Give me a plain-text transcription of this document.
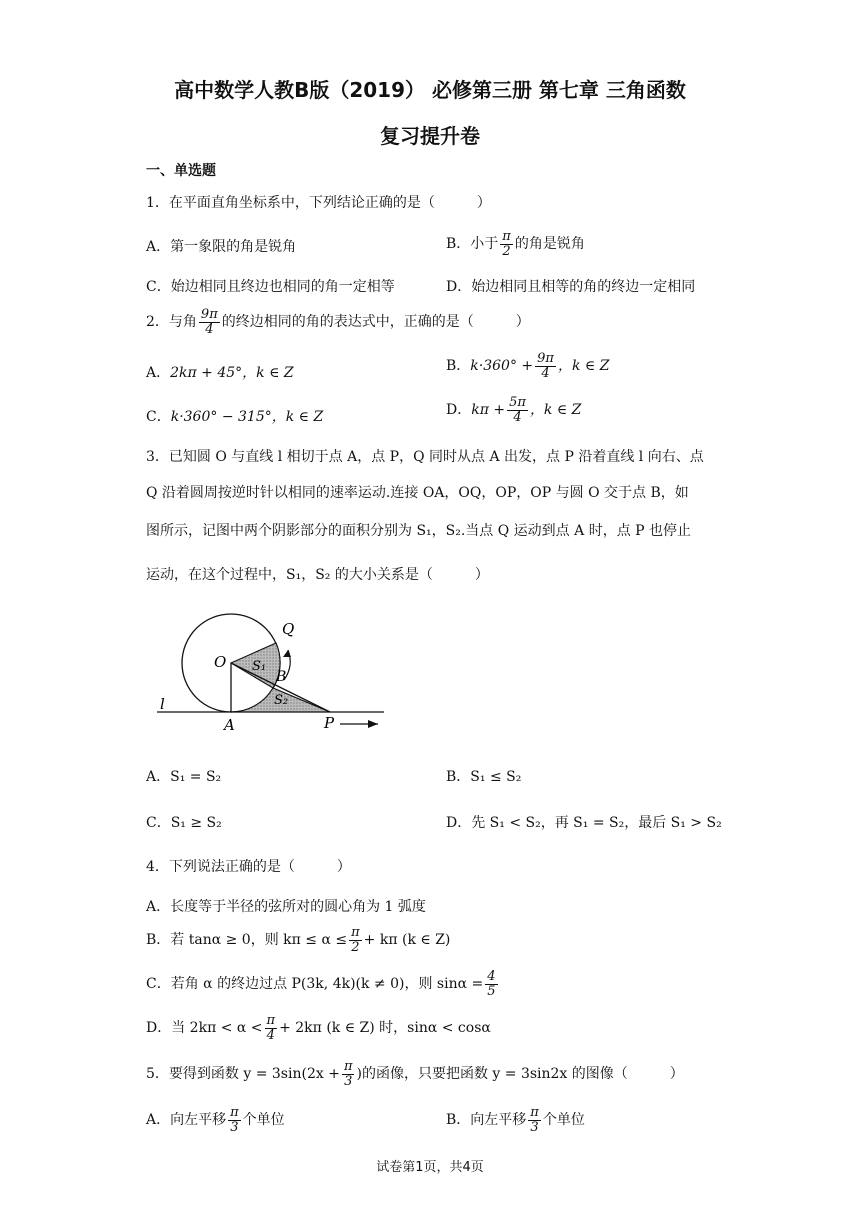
高中数学人教B版（2019） 必修第三册 第七章 三角函数
复习提升卷
一、单选题
1．在平面直角坐标系中，下列结论正确的是（　　　）
A．第一象限的角是锐角	B．小于 $\frac{\pi}{2}$ 的角是锐角
C．始边相同且终边也相同的角一定相等	D．始边相同且相等的角的终边一定相同
2．与角 $\frac{9\pi}{4}$ 的终边相同的角的表达式中，正确的是（　　　）
A．2kπ + 45°，k ∈ Z	B．$k\cdot 360^\circ + \frac{9\pi}{4}$ ，k ∈ Z
C．k·360° − 315°，k ∈ Z	D．$k\pi + \frac{5\pi}{4}$ ，k ∈ Z
3．已知圆 O 与直线 l 相切于点 A，点 P，Q 同时从点 A 出发，点 P 沿着直线 l 向右、点
Q 沿着圆周按逆时针以相同的速率运动.连接 OA，OQ，OP，OP 与圆 O 交于点 B，如
图所示，记图中两个阴影部分的面积分别为 S₁，S₂.当点 Q 运动到点 A 时，点 P 也停止
运动，在这个过程中，S₁，S₂ 的大小关系是（　　　）
O
Q
B
S₁
S₂
l
A	P
A．S₁ = S₂	B．S₁ ≤ S₂
C．S₁ ≥ S₂	D．先 S₁ < S₂，再 S₁ = S₂，最后 S₁ > S₂
4．下列说法正确的是（　　　）
A．长度等于半径的弦所对的圆心角为 1 弧度
B．若 tanα ≥ 0，则 $k\pi \le \alpha \le \frac{\pi}{2} + k\pi$ (k ∈ Z)
C．若角 α 的终边过点 P(3k, 4k)(k ≠ 0)，则 $\sin\alpha = \frac{4}{5}$
D．当 $2k\pi < \alpha < \frac{\pi}{4} + 2k\pi$ (k ∈ Z) 时，sinα < cosα
5．要得到函数 $y = 3\sin(2x + \frac{\pi}{3}$ )的函像，只要把函数 y = 3sin2x 的图像（　　　）
A．向左平移 $\frac{\pi}{3}$ 个单位	B．向左平移 $\frac{\pi}{3}$ 个单位
试卷第1页，共4页
